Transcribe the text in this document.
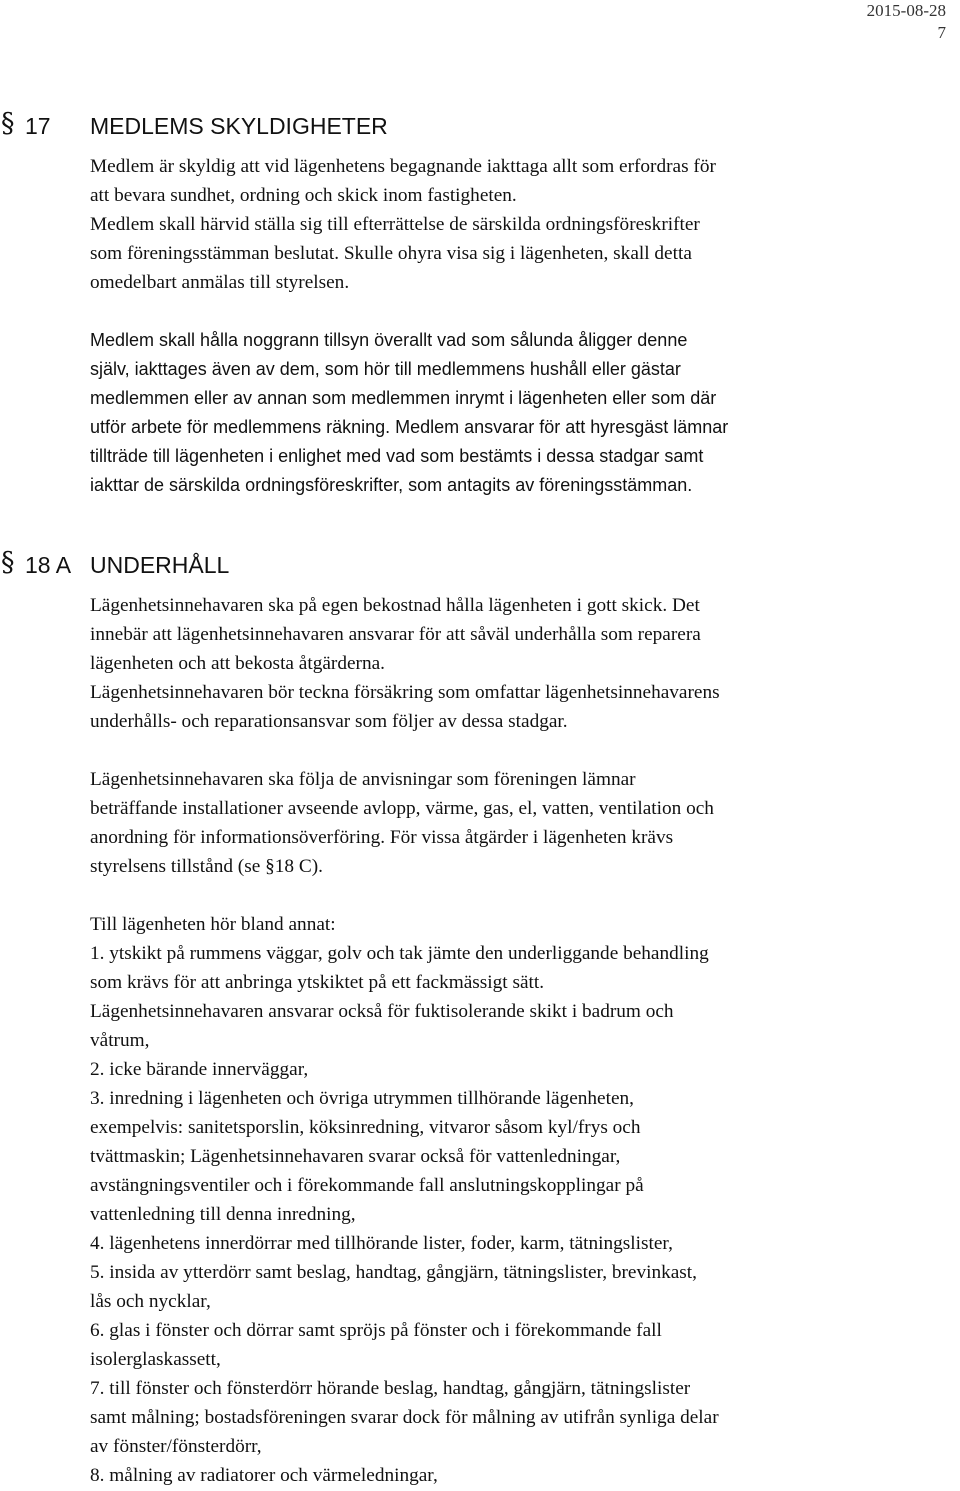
2015-08-28
7
§ 17 MEDLEMS SKYLDIGHETER
Medlem är skyldig att vid lägenhetens begagnande iakttaga allt som erfordras för
att bevara sundhet, ordning och skick inom fastigheten.
Medlem skall härvid ställa sig till efterrättelse de särskilda ordningsföreskrifter
som föreningsstämman beslutat. Skulle ohyra visa sig i lägenheten, skall detta
omedelbart anmälas till styrelsen.
Medlem skall hålla noggrann tillsyn överallt vad som sålunda åligger denne
själv, iakttages även av dem, som hör till medlemmens hushåll eller gästar
medlemmen eller av annan som medlemmen inrymt i lägenheten eller som där
utför arbete för medlemmens räkning. Medlem ansvarar för att hyresgäst lämnar
tillträde till lägenheten i enlighet med vad som bestämts i dessa stadgar samt
iakttar de särskilda ordningsföreskrifter, som antagits av föreningsstämman.
§ 18 A UNDERHÅLL
Lägenhetsinnehavaren ska på egen bekostnad hålla lägenheten i gott skick. Det
innebär att lägenhetsinnehavaren ansvarar för att såväl underhålla som reparera
lägenheten och att bekosta åtgärderna.
Lägenhetsinnehavaren bör teckna försäkring som omfattar lägenhetsinnehavarens
underhålls- och reparationsansvar som följer av dessa stadgar.
Lägenhetsinnehavaren ska följa de anvisningar som föreningen lämnar
beträffande installationer avseende avlopp, värme, gas, el, vatten, ventilation och
anordning för informationsöverföring. För vissa åtgärder i lägenheten krävs
styrelsens tillstånd (se §18 C).
Till lägenheten hör bland annat:
1. ytskikt på rummens väggar, golv och tak jämte den underliggande behandling
som krävs för att anbringa ytskiktet på ett fackmässigt sätt.
Lägenhetsinnehavaren ansvarar också för fuktisolerande skikt i badrum och
våtrum,
2. icke bärande innerväggar,
3. inredning i lägenheten och övriga utrymmen tillhörande lägenheten,
exempelvis: sanitetsporslin, köksinredning, vitvaror såsom kyl/frys och
tvättmaskin; Lägenhetsinnehavaren svarar också för vattenledningar,
avstängningsventiler och i förekommande fall anslutningskopplingar på
vattenledning till denna inredning,
4. lägenhetens innerdörrar med tillhörande lister, foder, karm, tätningslister,
5. insida av ytterdörr samt beslag, handtag, gångjärn, tätningslister, brevinkast,
lås och nycklar,
6. glas i fönster och dörrar samt spröjs på fönster och i förekommande fall
isolerglaskassett,
7. till fönster och fönsterdörr hörande beslag, handtag, gångjärn, tätningslister
samt målning; bostadsföreningen svarar dock för målning av utifrån synliga delar
av fönster/fönsterdörr,
8. målning av radiatorer och värmeledningar,
